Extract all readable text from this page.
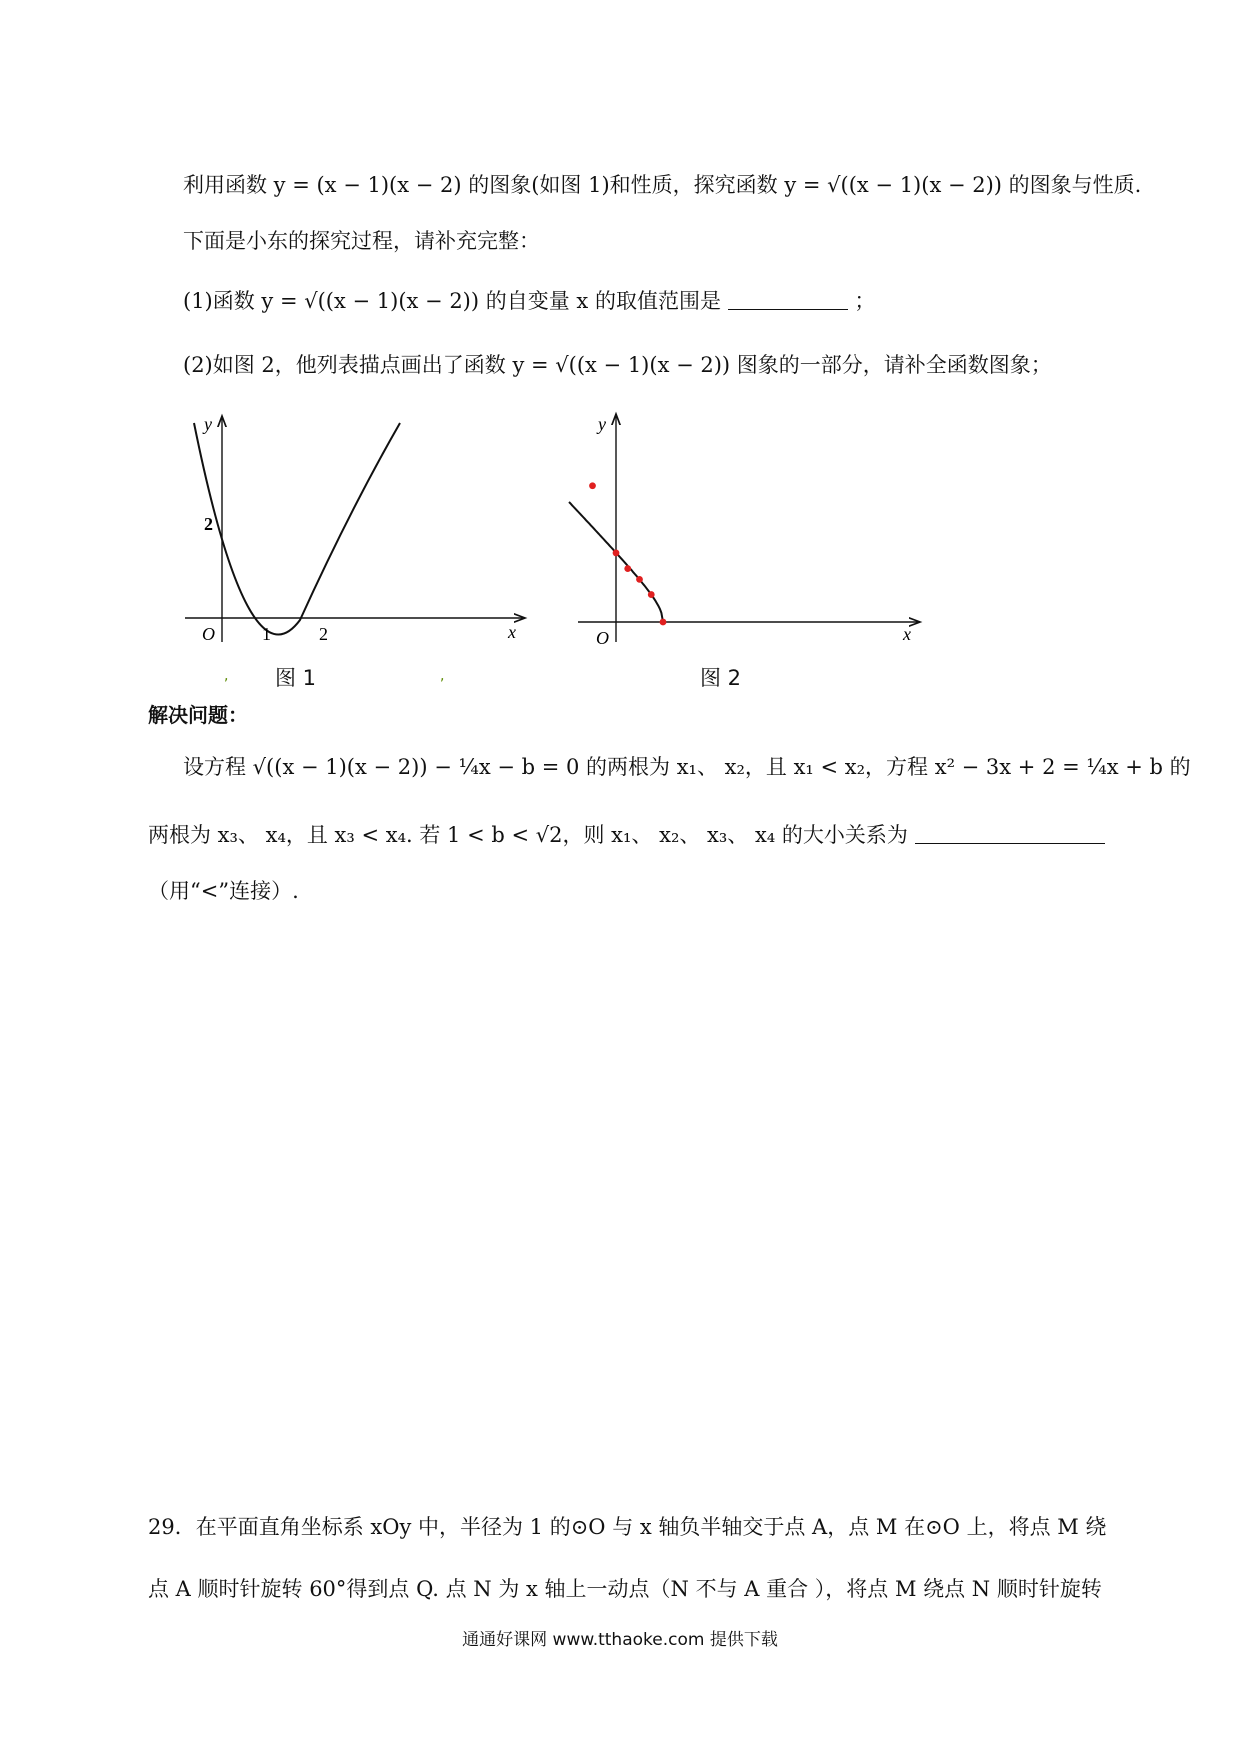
利用函数 y = (x − 1)(x − 2) 的图象(如图 1)和性质，探究函数 y = √((x − 1)(x − 2)) 的图象与性质.
下面是小东的探究过程，请补充完整：
(1)函数 y = √((x − 1)(x − 2)) 的自变量 x 的取值范围是	；
(2)如图 2，他列表描点画出了函数 y = √((x − 1)(x − 2)) 图象的一部分，请补全函数图象；
y
x
O
2
1	2
y
x
O
,	,
图 1	图 2
解决问题：
设方程 √((x − 1)(x − 2)) − ¼x − b = 0 的两根为 x₁、 x₂，且 x₁ < x₂，方程 x² − 3x + 2 = ¼x + b 的
两根为 x₃、 x₄，且 x₃ < x₄. 若 1 < b < √2，则 x₁、 x₂、 x₃、 x₄ 的大小关系为
（用“<”连接）.
29．在平面直角坐标系 xOy 中，半径为 1 的⊙O 与 x 轴负半轴交于点 A，点 M 在⊙O 上，将点 M 绕
点 A 顺时针旋转 60°得到点 Q. 点 N 为 x 轴上一动点（N 不与 A 重合 ），将点 M 绕点 N 顺时针旋转
通通好课网 www.tthaoke.com 提供下载
